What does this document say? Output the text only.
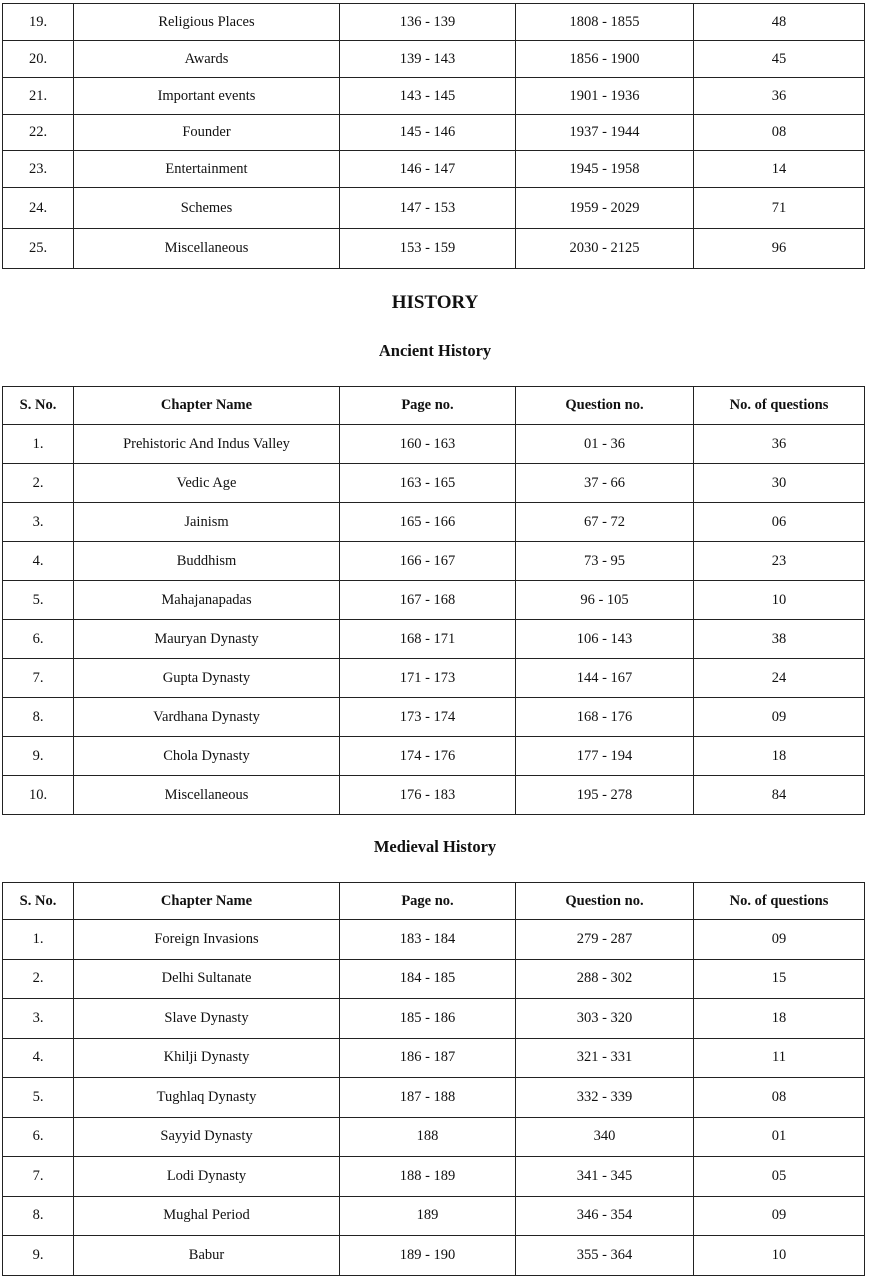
19.	Religious Places	136 - 139	1808 - 1855	48
20.	Awards	139 - 143	1856 - 1900	45
21.	Important events	143 - 145	1901 - 1936	36
22.	Founder	145 - 146	1937 - 1944	08
23.	Entertainment	146 - 147	1945 - 1958	14
24.	Schemes	147 - 153	1959 - 2029	71
25.	Miscellaneous	153 - 159	2030 - 2125	96
HISTORY
Ancient History
S. No.	Chapter Name	Page no.	Question no.	No. of questions
1.	Prehistoric And Indus Valley	160 - 163	01 - 36	36
2.	Vedic Age	163 - 165	37 - 66	30
3.	Jainism	165 - 166	67 - 72	06
4.	Buddhism	166 - 167	73 - 95	23
5.	Mahajanapadas	167 - 168	96 - 105	10
6.	Mauryan Dynasty	168 - 171	106 - 143	38
7.	Gupta Dynasty	171 - 173	144 - 167	24
8.	Vardhana Dynasty	173 - 174	168 - 176	09
9.	Chola Dynasty	174 - 176	177 - 194	18
10.	Miscellaneous	176 - 183	195 - 278	84
Medieval History
S. No.	Chapter Name	Page no.	Question no.	No. of questions
1.	Foreign Invasions	183 - 184	279 - 287	09
2.	Delhi Sultanate	184 - 185	288 - 302	15
3.	Slave Dynasty	185 - 186	303 - 320	18
4.	Khilji Dynasty	186 - 187	321 - 331	11
5.	Tughlaq Dynasty	187 - 188	332 - 339	08
6.	Sayyid Dynasty	188	340	01
7.	Lodi Dynasty	188 - 189	341 - 345	05
8.	Mughal Period	189	346 - 354	09
9.	Babur	189 - 190	355 - 364	10
